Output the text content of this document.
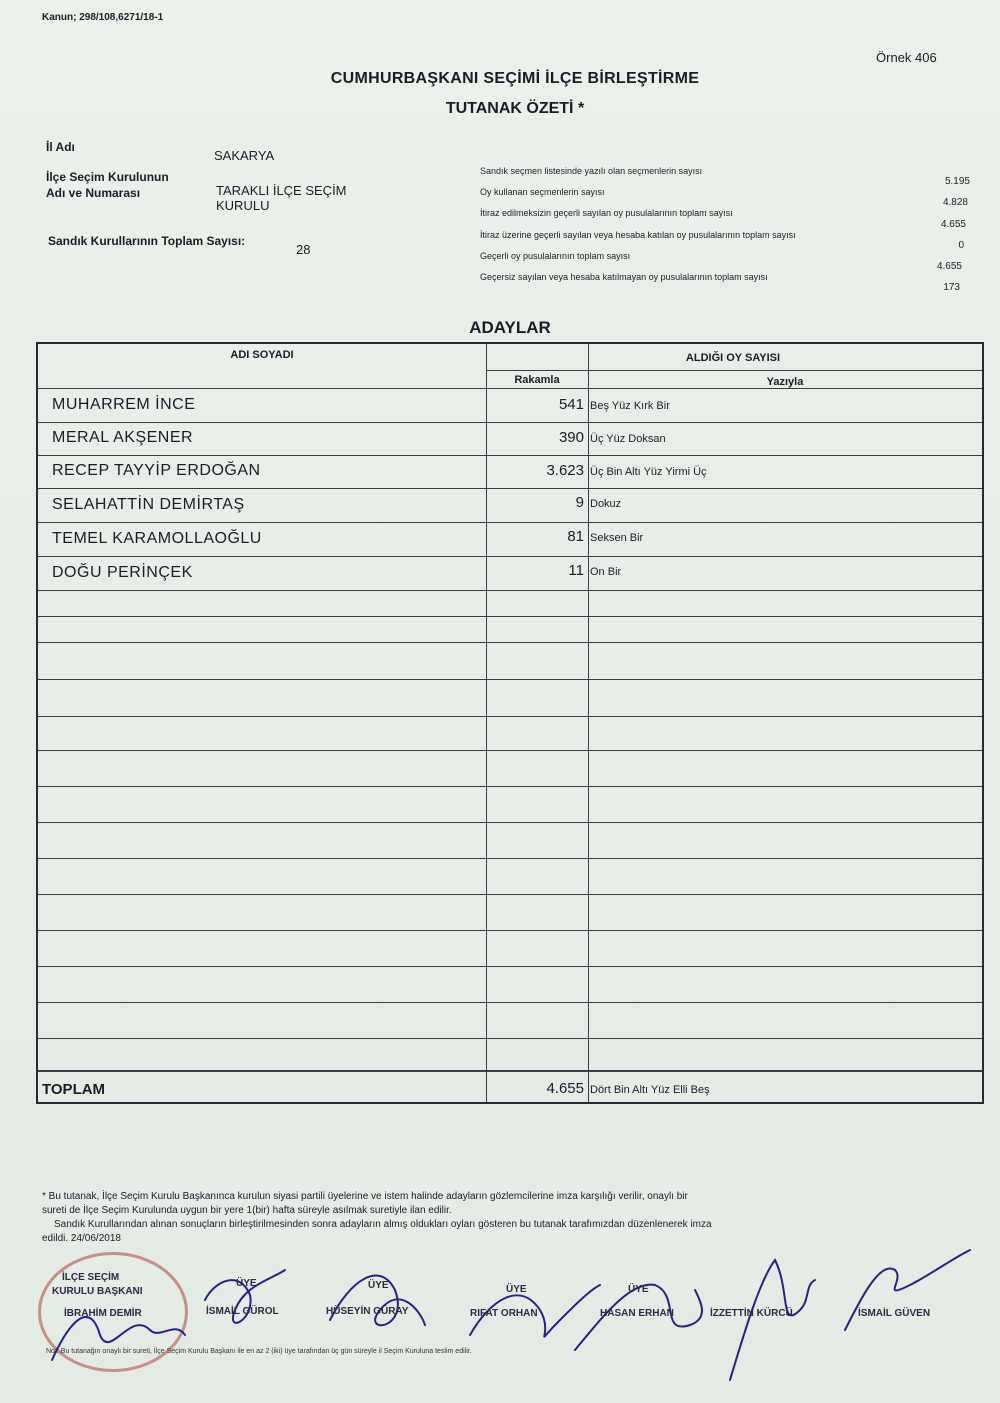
Kanun; 298/108,6271/18-1
Örnek 406
CUMHURBAŞKANI SEÇİMİ İLÇE BİRLEŞTİRME
TUTANAK ÖZETİ *
İl Adı
SAKARYA
İlçe Seçim Kurulunun
Adı ve Numarası	TARAKLI İLÇE SEÇİM
KURULU
Sandık Kurullarının Toplam Sayısı:
28
Sandık seçmen listesinde yazılı olan seçmenlerin sayısı
5.195
Oy kullanan seçmenlerin sayısı
4.828
İtiraz edilmeksizin geçerli sayılan oy pusulalarının toplam sayısı
4.655
İtiraz üzerine geçerli sayılan veya hesaba katılan oy pusulalarının toplam sayısı
0
Geçerli oy pusulalarının toplam sayısı
4.655
Geçersiz sayılan veya hesaba katılmayan oy pusulalarının toplam sayısı
173
ADAYLAR
ADI SOYADI	ALDIĞI OY SAYISI
Rakamla	Yazıyla
MUHARREM İNCE	541 Beş Yüz Kırk Bir
MERAL AKŞENER	390 Üç Yüz Doksan
RECEP TAYYİP ERDOĞAN	3.623 Üç Bin Altı Yüz Yirmi Üç
SELAHATTİN DEMİRTAŞ	9 Dokuz
TEMEL KARAMOLLAOĞLU	81 Seksen Bir
DOĞU PERİNÇEK	11 On Bir
TOPLAM	4.655 Dört Bin Altı Yüz Elli Beş
* Bu tutanak, İlçe Seçim Kurulu Başkanınca kurulun siyasi partili üyelerine ve istem halinde adayların gözlemcilerine imza karşılığı verilir, onaylı bir
sureti de İlçe Seçim Kurulunda uygun bir yere 1(bir) hafta süreyle asılmak suretiyle ilan edilir.
Sandık Kurullarından alınan sonuçların birleştirilmesinden sonra adayların almış oldukları oyları gösteren bu tutanak tarafımızdan düzenlenerek imza
edildi. 24/06/2018
İLÇE SEÇİM
KURULU BAŞKANI
İBRAHİM DEMİR
ÜYE
İSMAİL GÜROL
ÜYE
HÜSEYİN GÜRAY
ÜYE
RIFAT ORHAN
ÜYE
HASAN ERHAN	İZZETTİN KÜRCÜ	İSMAİL GÜVEN
Not: Bu tutanağın onaylı bir sureti, İlçe Seçim Kurulu Başkanı ile en az 2 (iki) üye tarafından üç gün süreyle il Seçim Kuruluna teslim edilir.
